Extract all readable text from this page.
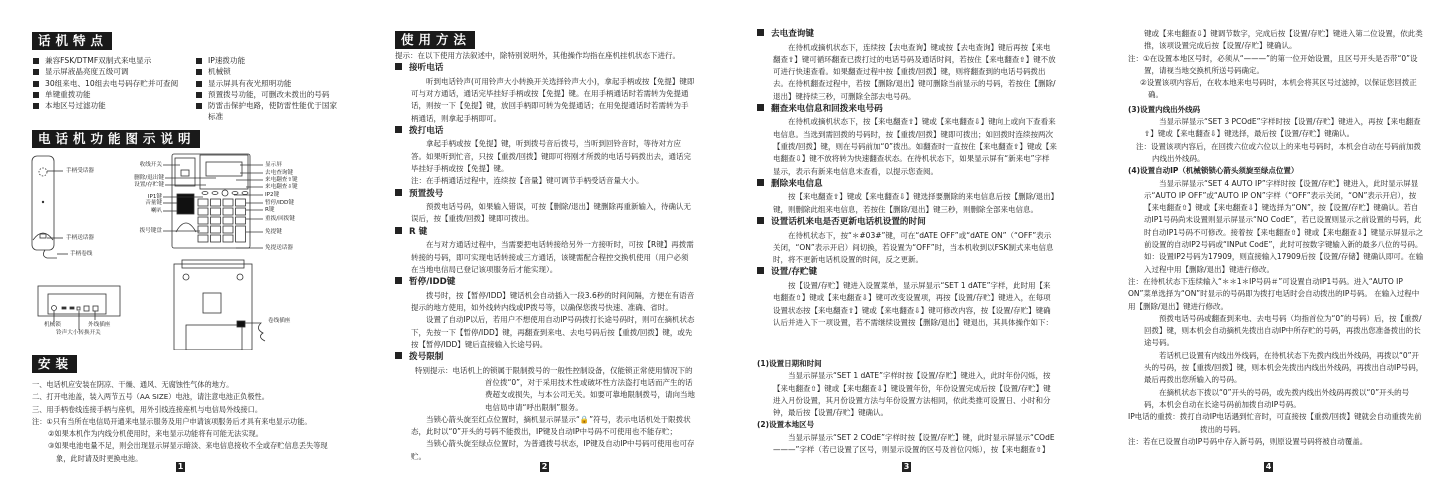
话机特点
兼容FSK/DTMF双制式来电显示
显示屏液晶亮度五级可调
30组来电、10组去电号码存贮并可查阅
单键重拨功能
本地区号过滤功能
IP速拨功能
机械锁
显示屏具有夜光照明功能
预置拨号功能，可删改未拨出的号码
防雷击保护电路，使防雷性能优于国家标准
电话机功能图示说明
手柄受话器
手柄送话器
手柄卷线
收线开关
删除/退出键
设置/存贮键
IP1键
音量键
喇叭
拨号键盘
显示屏
去电查询键
来电翻查⇧键
来电翻查⇩键
IP2键
暂停/IDD键
R键
重拨/回拨键
免提键
免提送话器
机械锁	外线插座
铃声大小转换开关
卷线插座
安装
一、电话机应安装在阴凉、干燥、通风、无腐蚀性气体的地方。
二、打开电池盖，装入两节五号（AA SIZE）电池，请注意电池正负极性。
三、用手柄卷线连接手柄与座机，用外引线连接座机与电信局外线接口。
注：①只有当所在电信局开通来电显示服务及用户申请该项服务后才具有来电显示功能。
②如果本机作为内线分机使用时，来电显示功能将有可能无法实现。
③如果电池电量不足，则会出现显示屏显示暗淡、来电信息接收不全或存贮信息丢失等现象，此时请及时更换电池。
1
使用方法
提示：在以下使用方法叙述中，除特别说明外，其他操作均指在座机挂机状态下进行。
接听电话
听到电话铃声(可用铃声大小转换开关选择铃声大小)，拿起手柄或按【免提】键即可与对方通话，通话完毕挂好手柄或按【免提】键。在用手柄通话时若需转为免提通话，则按一下【免提】键，放回手柄即可转为免提通话；在用免提通话时若需转为手柄通话，则拿起手柄即可。
拨打电话
拿起手柄或按【免提】键，听到拨号音后拨号，当听到回铃音时，等待对方应答。如果听到忙音，只按【重拨/回拨】键即可将刚才所拨的电话号码拨出去，通话完毕挂好手柄或按【免提】键。
注：在手柄通话过程中，连续按【音量】键可调节手柄受话音量大小。
预置拨号
预拨电话号码，如果输入错误，可按【删除/退出】键删除再重新输入，待确认无误后，按【重拨/回拨】键即可拨出。
R 键
在与对方通话过程中，当需要把电话转接给另外一方接听时，可按【R键】再拨需转接的号码，即可实现电话转接或三方通话，该键需配合程控交换机使用（用户必须在当地电信局已登记该项服务后才能实现）。
暂停/IDD键
拨号时，按【暂停/IDD】键话机会自动插入一段3.6秒的时间间隔，方便在有语音提示的地方使用，如外线转内线或IP拨号等，以确保您拨号快速、准确、省时。
设置了自动IP以后，若用户不想使用自动IP号码拨打长途号码时，则可在摘机状态下，先按一下【暂停/IDD】键，再翻查到来电、去电号码后按【重拨/回拨】键，或先按【暂停/IDD】键后直接输入长途号码。
拨号限制
特别提示：电话机上的锁属于限制拨号的一般性控制设备，仅能锁正常使用情况下的首位拨“0”，对于采用技术性或破坏性方法盗打电话而产生的话费超支或损失，与本公司无关。如要可靠地限制拨号，请向当地电信局申请“呼出限制”服务。
当锁心箭头旋至红点位置时，摘机显示屏显示“🔒”符号，表示电话机处于限拨状态，此时以“0”开头的号码不能拨出，IP键及自动IP中号码不可使用也不能存贮；
当锁心箭头旋至绿点位置时，为普通拨号状态，IP键及自动IP中号码可使用也可存贮。
2
去电查询键
在待机或摘机状态下，连续按【去电查询】键或按【去电查询】键后再按【来电翻查⇧】键可循环翻查已拨打过的电话号码及通话时间，若按住【来电翻查⇧】键不放可进行快速查看。如果翻查过程中按【重拨/回拨】键，则将翻查到的电话号码拨出去。在待机翻查过程中，若按【删除/退出】键可删除当前显示的号码，若按住【删除/退出】键持续三秒，可删除全部去电号码。
翻查来电信息和回拨来电号码
在待机或摘机状态下，按【来电翻查⇧】键或【来电翻查⇩】键向上或向下查看来电信息。当选到需回拨的号码时，按【重拨/回拨】键即可拨出；如回拨时连续按两次【重拨/回拨】键，则在号码前加“0”拨出。如翻查时一直按住【来电翻查⇧】键或【来电翻查⇩】键不放将转为快速翻查状态。在待机状态下，如果显示屏有“新来电”字样显示，表示有新来电信息未查看，以提示您查阅。
删除来电信息
按【来电翻查⇧】键或【来电翻查⇩】键选择要删除的来电信息后按【删除/退出】键，则删除此组来电信息，若按住【删除/退出】键三秒，则删除全部来电信息。
设置话机来电是否更新电话机设置的时间
在待机状态下，按“＊#03#”键，可在“dATE OFF”或“dATE ON”（“OFF”表示关闭，“ON”表示开启）间切换，若设置为“OFF”时，当本机收到以FSK制式来电信息时，将不更新电话机设置的时间，反之更新。
设置/存贮键
按【设置/存贮】键进入设置菜单，显示屏显示“SET 1 dATE”字样，此时用【来电翻查⇧】键或【来电翻查⇩】键可改变设置项，再按【设置/存贮】键进入，在每项设置状态按【来电翻查⇧】键或【来电翻查⇩】键可修改内容，按【设置/存贮】键确认后并进入下一项设置，若不需继续设置按【删除/退出】键退出，其具体操作如下：
(1)设置日期和时间
当显示屏显示“SET 1 dATE”字样时按【设置/存贮】键进入，此时年份闪烁，按【来电翻查⇧】键或【来电翻查⇩】键设置年份，年份设置完成后按【设置/存贮】键进入月份设置，其月份设置方法与年份设置方法相同，依此类推可设置日、小时和分钟，最后按【设置/存贮】键确认。
(2)设置本地区号
当显示屏显示“SET 2 COdE”字样时按【设置/存贮】键，此时显示屏显示“COdE———”字样（若已设置了区号，则显示设置的区号及首位闪烁），按【来电翻查⇧】
3
键或【来电翻查⇩】键调节数字，完成后按【设置/存贮】键进入第二位设置，依此类推，该项设置完成后按【设置/存贮】键确认。
注：①在设置本地区号时，必须从“———”的第一位开始设置，且区号开头是否带“0”设置，请视当地交换机所送号码确定。
②设置该项内容后，在收本地来电号码时，本机会将其区号过滤掉，以保证您回拨正确。
(3)设置内线出外线码
当显示屏显示“SET 3 PCOdE”字样时按【设置/存贮】键进入，再按【来电翻查⇧】键或【来电翻查⇩】键选择，最后按【设置/存贮】键确认。
注：设置该项内容后，在回拨六位或六位以上的来电号码时，本机会自动在号码前加拨内线出外线码。
(4)设置自动IP（机械锁锁心箭头须旋至绿点位置）
当显示屏显示“SET 4 AUTO IP”字样时按【设置/存贮】键进入，此时显示屏显示“AUTO IP OFF”或“AUTO IP ON”字样（“OFF”表示关闭，“ON”表示开启），按【来电翻查⇧】键或【来电翻查⇩】键选择为“ON”，按【设置/存贮】键确认。若自动IP1号码尚未设置则显示屏显示“NO CodE”，若已设置则显示之前设置的号码，此时自动IP1号码不可修改。接着按【来电翻查⇧】键或【来电翻查⇩】键显示屏显示之前设置的自动IP2号码或“INPut CodE”，此时可按数字键输入新的最多八位的号码。如：设置IP2号码为17909，则直接输入17909后按【设置/存储】键确认即可。在输入过程中用【删除/退出】键进行修改。
注：在待机状态下连续输入“＊＊1＊IP号码＃”可设置自动IP1号码。进入“AUTO IP ON”菜单选择为“ON”时显示的号码即为拨打电话时会自动拨出的IP号码。 在输入过程中用【删除/退出】键进行修改。
预拨电话号码或翻查到来电、去电号码（均指首位为“0”的号码）后，按【重拨/回拨】键，则本机会自动摘机先拨出自动IP中所存贮的号码，再拨出您准备拨出的长途号码。
若话机已设置有内线出外线码，在待机状态下先拨内线出外线码，再拨以“0”开头的号码，按【重拨/回拨】键，则本机会先拨出内线出外线码，再拨出自动IP号码，最后再拨出您所输入的号码。
在摘机状态下拨以“0”开头的号码，或先拨内线出外线码再拨以“0”开头的号码，本机会自动在长途号码前加拨自动IP号码。
IP电话的重拨：拨打自动IP电话遇到忙音时，可直接按【重拨/回拨】键就会自动重拨先前拨出的号码。
注：若在已设置自动IP号码中存入新号码，则原设置号码将被自动覆盖。
4
